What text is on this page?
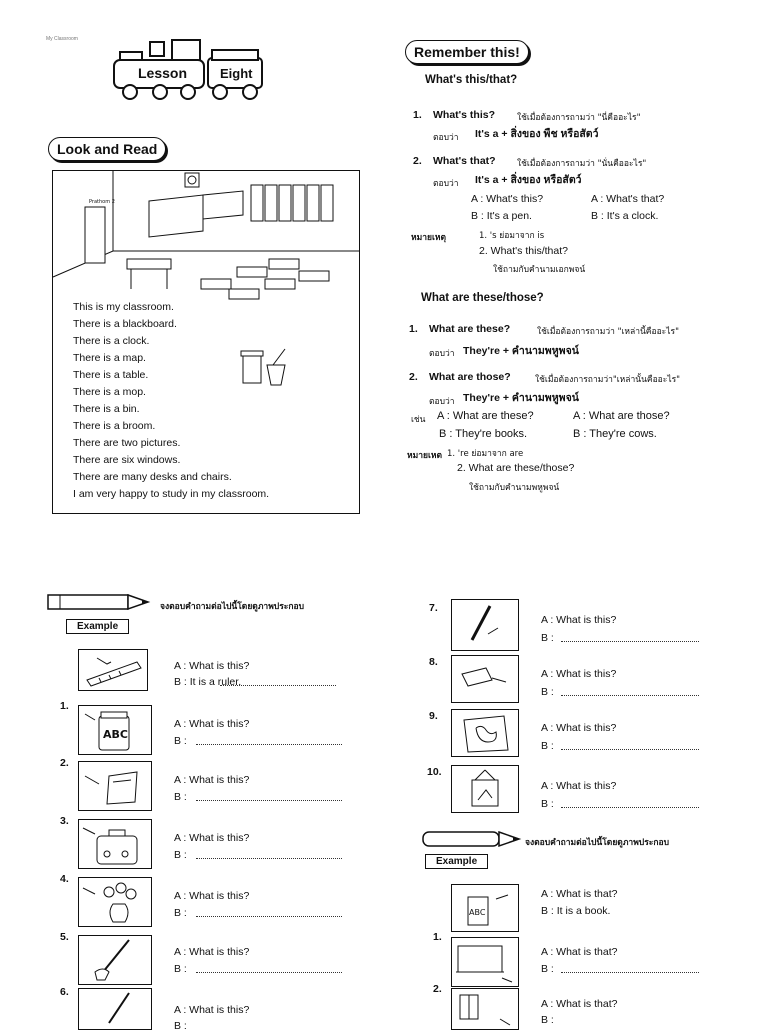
My Classroom
Lesson	Eight
Look and Read
Prathom 2
This is my classroom.
There is a blackboard.
There is a clock.
There is a map.
There is a table.
There is a mop.
There is a bin.
There is a broom.
There are two pictures.
There are six windows.
There are many desks and chairs.
I am very happy to study in my classroom.
Remember this!
What's this/that?
1. What's this?	ใช้เมื่อต้องการถามว่า "นี่คืออะไร"
ตอบว่า It's a + สิ่งของ พืช หรือสัตว์
2. What's that?	ใช้เมื่อต้องการถามว่า "นั่นคืออะไร"
ตอบว่า It's a + สิ่งของ หรือสัตว์
A : What's this?	A : What's that?
B : It's a pen.	B : It's a clock.
หมายเหตุ	1. 's ย่อมาจาก is
2. What's this/that?
ใช้ถามกับคำนามเอกพจน์
What are these/those?
1. What are these?	ใช้เมื่อต้องการถามว่า "เหล่านี้คืออะไร"
ตอบว่า They're + คำนามพหูพจน์
2. What are those?	ใช้เมื่อต้องการถามว่า"เหล่านั้นคืออะไร"
ตอบว่า They're + คำนามพหูพจน์
เช่น A : What are these?	A : What are those?
B : They're books.	B : They're cows.
หมายเหต 1. 're ย่อมาจาก are
2. What are these/those?
ใช้ถามกับคำนามพหูพจน์
จงตอบคำถามต่อไปนี้โดยดูภาพประกอบ
Example
A : What is this?
B : It is a ruler.
1.
ABC
A : What is this?
B :
2.
A : What is this?
B :
3.
A : What is this?
B :
4.
A : What is this?
B :
5.
A : What is this?
B :
6.
A : What is this?
B :
7.
A : What is this?
B :
8.
A : What is this?
B :
9.
A : What is this?
B :
10.
A : What is this?
B :
จงตอบคำถามต่อไปนี้โดยดูภาพประกอบ
Example
ABC
A : What is that?
B : It is a book.
1.
A : What is that?
B :
2.
A : What is that?
B :
